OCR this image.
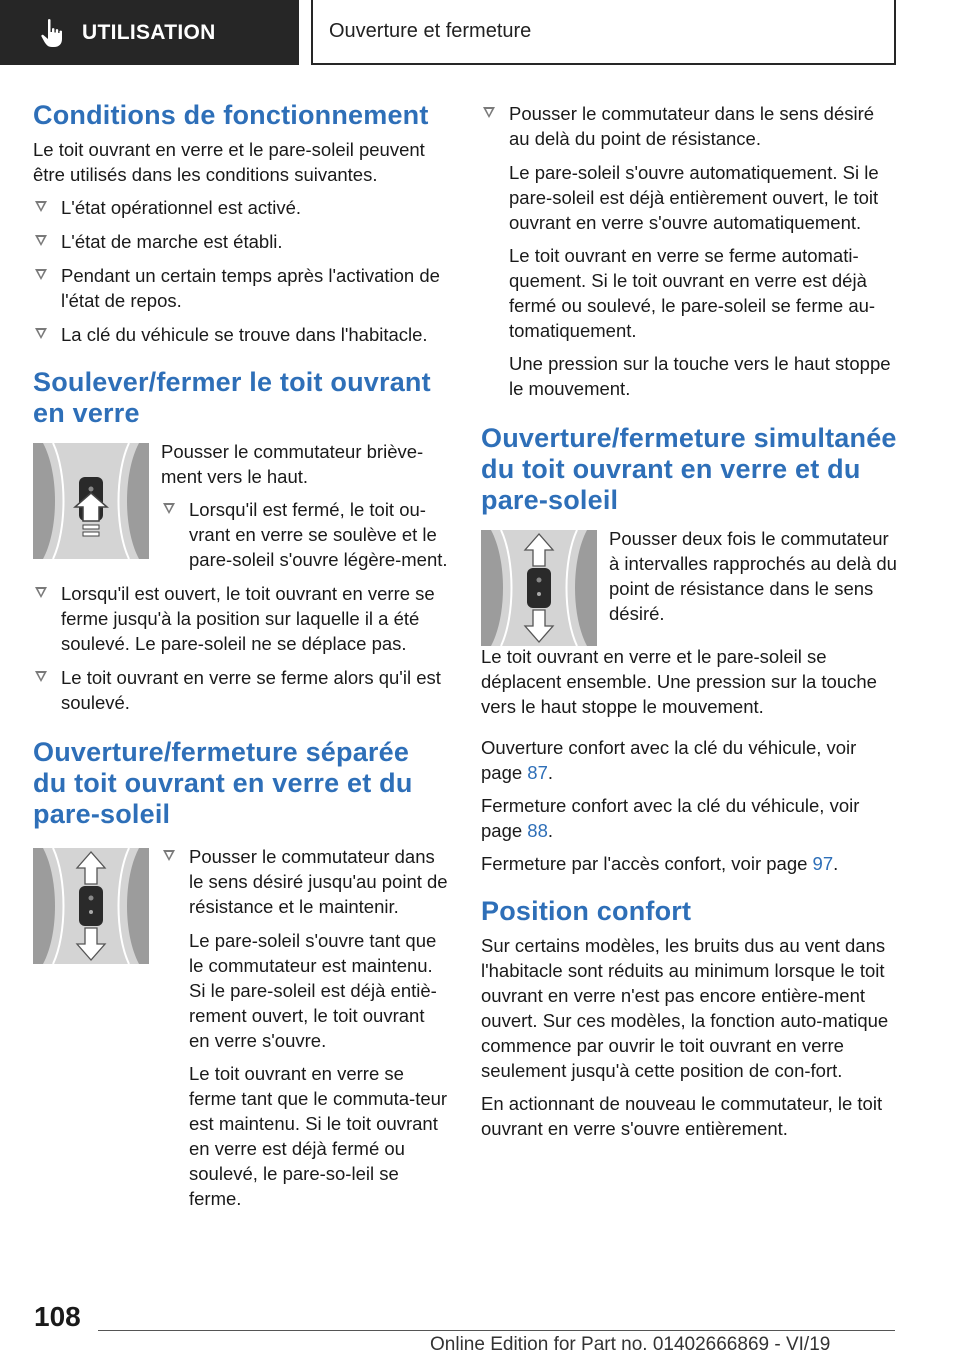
UTILISATION	Ouverture et fermeture
Conditions de fonctionnement

Le toit ouvrant en verre et le pare-soleil peuvent être utilisés dans les conditions suivantes.

L'état opérationnel est activé.
L'état de marche est établi.
Pendant un certain temps après l'activation de l'état de repos.
La clé du véhicule se trouve dans l'habitacle.
Soulever/fermer le toit ouvrant en verre

Pousser le commutateur briève-ment vers le haut.

Lorsqu'il est fermé, le toit ou-vrant en verre se soulève et le pare-soleil s'ouvre légère-ment.
Lorsqu'il est ouvert, le toit ouvrant en verre se ferme jusqu'à la position sur laquelle il a été soulevé. Le pare-soleil ne se déplace pas.
Le toit ouvrant en verre se ferme alors qu'il est soulevé.
Ouverture/fermeture séparée du toit ouvrant en verre et du pare-soleil
Pousser le commutateur dans le sens désiré jusqu'au point de résistance et le maintenir.

Le pare-soleil s'ouvre tant que le commutateur est maintenu. Si le pare-soleil est déjà entiè-rement ouvert, le toit ouvrant en verre s'ouvre.

Le toit ouvrant en verre se ferme tant que le commuta-teur est maintenu. Si le toit ouvrant en verre est déjà fermé ou soulevé, le pare-so-leil se ferme.

Pousser le commutateur dans le sens désiré au delà du point de résistance.

Le pare-soleil s'ouvre automatiquement. Si le pare-soleil est déjà entièrement ouvert, le toit ouvrant en verre s'ouvre automatiquement.

Le toit ouvrant en verre se ferme automati-quement. Si le toit ouvrant en verre est déjà fermé ou soulevé, le pare-soleil se ferme au-tomatiquement.

Une pression sur la touche vers le haut stoppe le mouvement.

Ouverture/fermeture simultanée du toit ouvrant en verre et du pare-soleil

Pousser deux fois le commutateur à intervalles rapprochés au delà du point de résistance dans le sens désiré.

Le toit ouvrant en verre et le pare-soleil se déplacent ensemble. Une pression sur la touche vers le haut stoppe le mouvement.

Ouverture confort avec la clé du véhicule, voir page 87.

Fermeture confort avec la clé du véhicule, voir page 88.

Fermeture par l'accès confort, voir page 97.

Position confort

Sur certains modèles, les bruits dus au vent dans l'habitacle sont réduits au minimum lorsque le toit ouvrant en verre n'est pas encore entière-ment ouvert. Sur ces modèles, la fonction auto-matique commence par ouvrir le toit ouvrant en verre seulement jusqu'à cette position de con-fort.

En actionnant de nouveau le commutateur, le toit ouvrant en verre s'ouvre entièrement.

108
Online Edition for Part no. 01402666869 - VI/19
